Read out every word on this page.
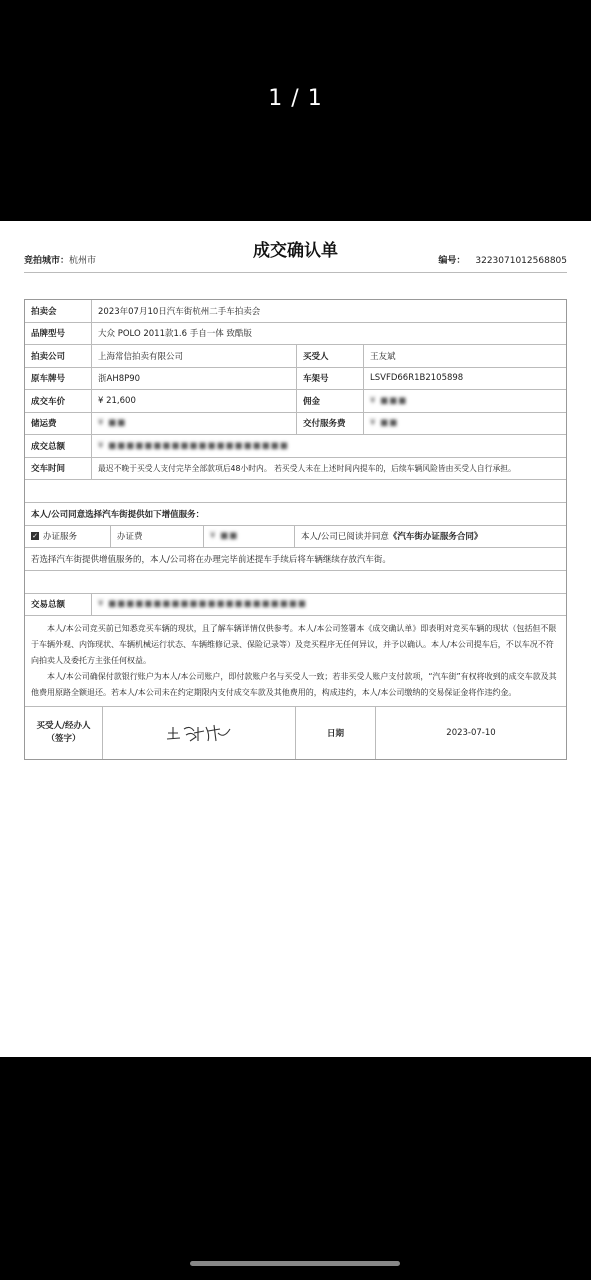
1 / 1
成交确认单
竞拍城市：杭州市	编号： 3223071012568805
拍卖会	2023年07月10日汽车街杭州二手车拍卖会
品牌型号	大众 POLO 2011款1.6 手自一体 致酷版
拍卖公司	上海常信拍卖有限公司	买受人	王友斌
原车牌号	浙AH8P90	车架号	LSVFD66R1B2105898
成交车价	¥ 21,600	佣金	¥ ■■■
储运费	¥ ■■	交付服务费	¥ ■■
成交总额	¥ ■■■■■■■■■■■■■■■■■■■■
交车时间	最迟不晚于买受人支付完毕全部款项后48小时内。 若买受人未在上述时间内提车的，后续车辆风险皆由买受人自行承担。
本人/公司同意选择汽车街提供如下增值服务：
✓ 办证服务	办证费	¥ ■■	本人/公司已阅读并同意 《汽车街办证服务合同》
若选择汽车街提供增值服务的，本人/公司将在办理完毕前述提车手续后将车辆继续存放汽车街。
交易总额	¥ ■■■■■■■■■■■■■■■■■■■■■■

本人/本公司竞买前已知悉竞买车辆的现状，且了解车辆详情仅供参考。本人/本公司签署本《成交确认单》即表明对竞买车辆的现状（包括但不限于车辆外观、内饰现状、车辆机械运行状态、车辆维修记录、保险记录等）及竞买程序无任何异议，并予以确认。本人/本公司提车后，不以车况不符向拍卖人及委托方主张任何权益。

本人/本公司确保付款银行账户为本人/本公司账户，即付款账户名与买受人一致；若非买受人账户支付款项，“汽车街”有权将收到的成交车款及其他费用原路全额退还。若本人/本公司未在约定期限内支付成交车款及其他费用的，构成违约，本人/本公司缴纳的交易保证金将作违约金。

买受人/经办人
（签字）	日期	2023-07-10
